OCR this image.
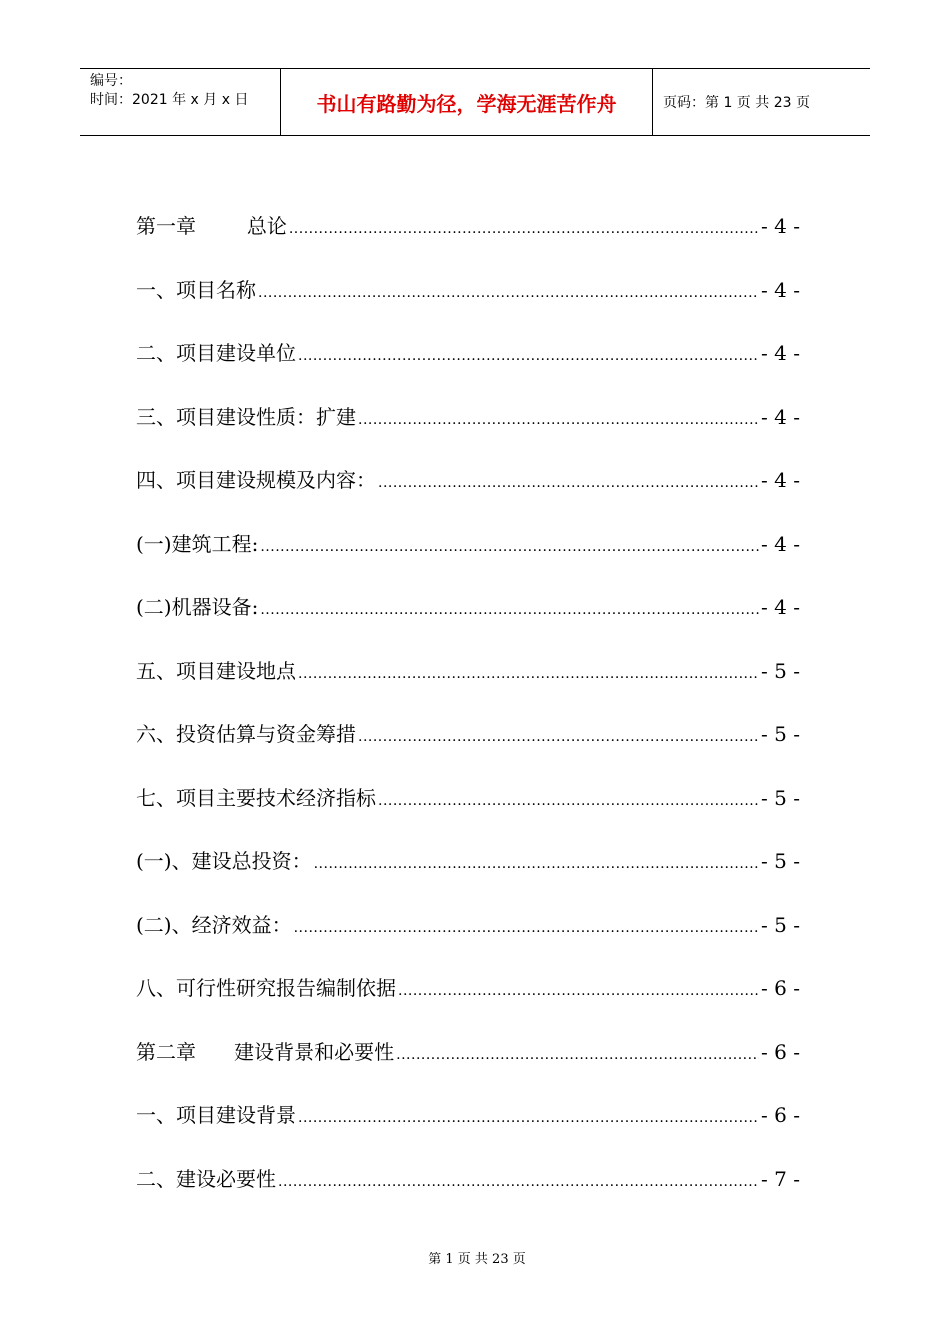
编号：
时间：2021 年 x 月 x 日	书山有路勤为径，学海无涯苦作舟	页码：第 1 页 共 23 页
第一章        总论 .....	- 4 -
一、项目名称 .....	- 4 -
二、项目建设单位 .....	- 4 -
三、项目建设性质：扩建 .....	- 4 -
四、项目建设规模及内容： .....	- 4 -
(一)建筑工程: .....	- 4 -
(二)机器设备: .....	- 4 -
五、项目建设地点 .....	- 5 -
六、投资估算与资金筹措 .....	- 5 -
七、项目主要技术经济指标 .....	- 5 -
(一)、建设总投资： .....	- 5 -
(二)、经济效益： .....	- 5 -
八、可行性研究报告编制依据 .....	- 6 -
第二章      建设背景和必要性 .....	- 6 -
一、项目建设背景 .....	- 6 -
二、建设必要性 .....	- 7 -
第 1 页 共 23 页
